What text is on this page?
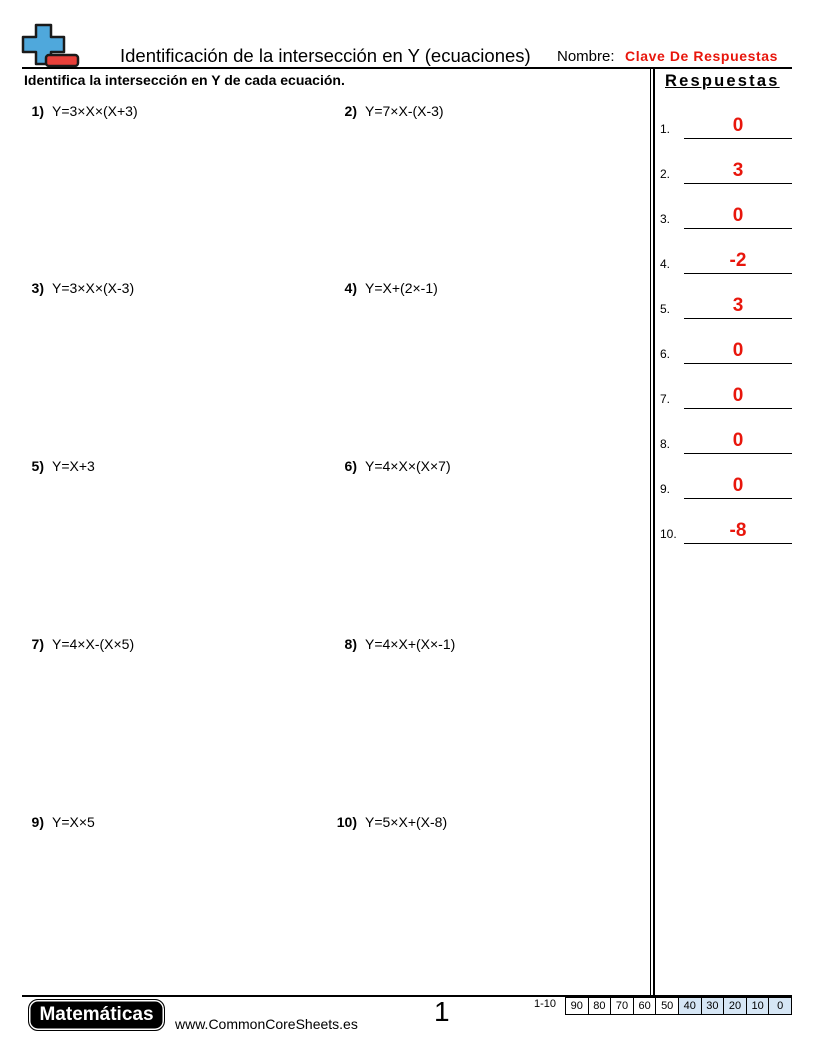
Identificación de la intersección en Y (ecuaciones) Nombre: Clave De Respuestas
Identifica la intersección en Y de cada ecuación.	Respuestas
1) Y=3×X×(X+3)	2) Y=7×X-(X-3)
3) Y=3×X×(X-3)	4) Y=X+(2×-1)
5) Y=X+3	6) Y=4×X×(X×7)
7) Y=4×X-(X×5)	8) Y=4×X+(X×-1)
9) Y=X×5	10) Y=5×X+(X-8)
1.	0
2.	3
3.	0
4.	-2
5.	3
6.	0
7.	0
8.	0
9.	0
10.	-8
Matemáticas	www.CommonCoreSheets.es	1	1-10	90 80 70 60 50 40 30 20 10	0
